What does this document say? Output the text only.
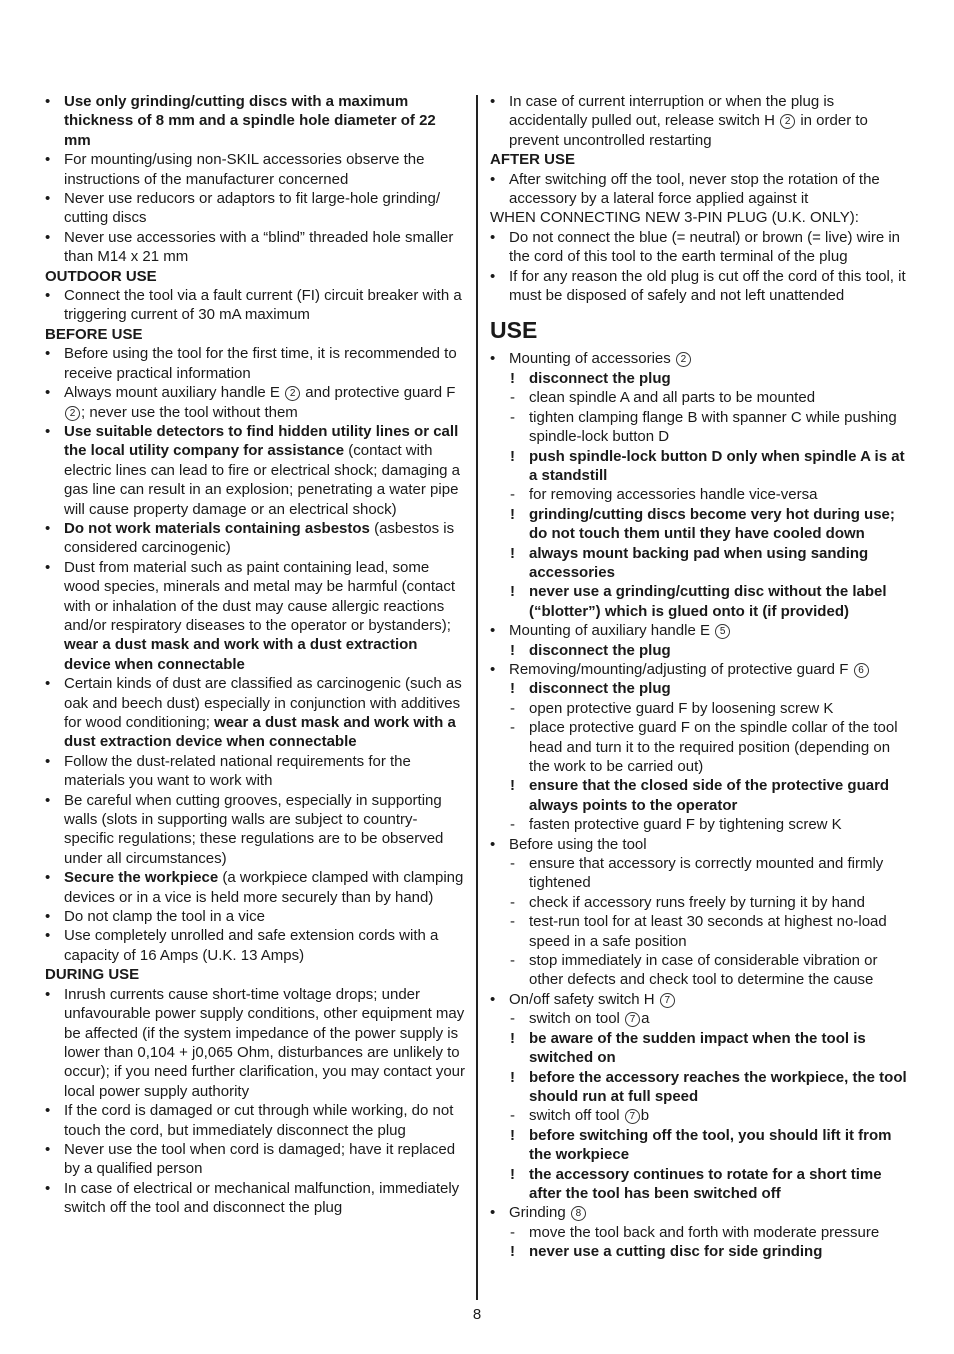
• Use only grinding/cutting discs with a maximum thickness of 8 mm and a spindle hole diameter of 22 mm
• For mounting/using non-SKIL accessories observe the instructions of the manufacturer concerned
• Never use reducors or adaptors to fit large-hole grinding/ cutting discs
• Never use accessories with a “blind” threaded hole smaller than M14 x 21 mm
OUTDOOR USE
• Connect the tool via a fault current (FI) circuit breaker with a triggering current of 30 mA maximum
BEFORE USE
• Before using the tool for the first time, it is recommended to receive practical information
• Always mount auxiliary handle E 2 and protective guard F 2 ; never use the tool without them
• Use suitable detectors to find hidden utility lines or call the local utility company for assistance (contact with electric lines can lead to fire or electrical shock; damaging a gas line can result in an explosion; penetrating a water pipe will cause property damage or an electrical shock)
• Do not work materials containing asbestos (asbestos is considered carcinogenic)
• Dust from material such as paint containing lead, some wood species, minerals and metal may be harmful (contact with or inhalation of the dust may cause allergic reactions and/or respiratory diseases to the operator or bystanders); wear a dust mask and work with a dust extraction device when connectable
• Certain kinds of dust are classified as carcinogenic (such as oak and beech dust) especially in conjunction with additives for wood conditioning; wear a dust mask and work with a dust extraction device when connectable
• Follow the dust-related national requirements for the materials you want to work with
• Be careful when cutting grooves, especially in supporting walls (slots in supporting walls are subject to country-specific regulations; these regulations are to be observed under all circumstances)
• Secure the workpiece (a workpiece clamped with clamping devices or in a vice is held more securely than by hand)
• Do not clamp the tool in a vice
• Use completely unrolled and safe extension cords with a capacity of 16 Amps (U.K. 13 Amps)
DURING USE
• Inrush currents cause short-time voltage drops; under unfavourable power supply conditions, other equipment may be affected (if the system impedance of the power supply is lower than 0,104 + j0,065 Ohm, disturbances are unlikely to occur); if you need further clarification, you may contact your local power supply authority
• If the cord is damaged or cut through while working, do not touch the cord, but immediately disconnect the plug
• Never use the tool when cord is damaged; have it replaced by a qualified person
• In case of electrical or mechanical malfunction, immediately switch off the tool and disconnect the plug
• In case of current interruption or when the plug is accidentally pulled out, release switch H 2 in order to prevent uncontrolled restarting
AFTER USE
• After switching off the tool, never stop the rotation of the accessory by a lateral force applied against it
WHEN CONNECTING NEW 3-PIN PLUG (U.K. ONLY):
• Do not connect the blue (= neutral) or brown (= live) wire in the cord of this tool to the earth terminal of the plug
• If for any reason the old plug is cut off the cord of this tool, it must be disposed of safely and not left unattended
USE
• Mounting of accessories 2
! disconnect the plug
- clean spindle A and all parts to be mounted
- tighten clamping flange B with spanner C while pushing spindle-lock button D
! push spindle-lock button D only when spindle A is at a standstill
- for removing accessories handle vice-versa
! grinding/cutting discs become very hot during use; do not touch them until they have cooled down
! always mount backing pad when using sanding accessories
! never use a grinding/cutting disc without the label (“blotter”) which is glued onto it (if provided)
• Mounting of auxiliary handle E 5
! disconnect the plug
• Removing/mounting/adjusting of protective guard F 6
! disconnect the plug
- open protective guard F by loosening screw K
- place protective guard F on the spindle collar of the tool head and turn it to the required position (depending on the work to be carried out)
! ensure that the closed side of the protective guard always points to the operator
- fasten protective guard F by tightening screw K
• Before using the tool
- ensure that accessory is correctly mounted and firmly tightened
- check if accessory runs freely by turning it by hand
- test-run tool for at least 30 seconds at highest no-load speed in a safe position
- stop immediately in case of considerable vibration or other defects and check tool to determine the cause
• On/off safety switch H 7
- switch on tool 7 a
! be aware of the sudden impact when the tool is switched on
! before the accessory reaches the workpiece, the tool should run at full speed
- switch off tool 7 b
! before switching off the tool, you should lift it from the workpiece
! the accessory continues to rotate for a short time after the tool has been switched off
• Grinding 8
- move the tool back and forth with moderate pressure
! never use a cutting disc for side grinding
8
